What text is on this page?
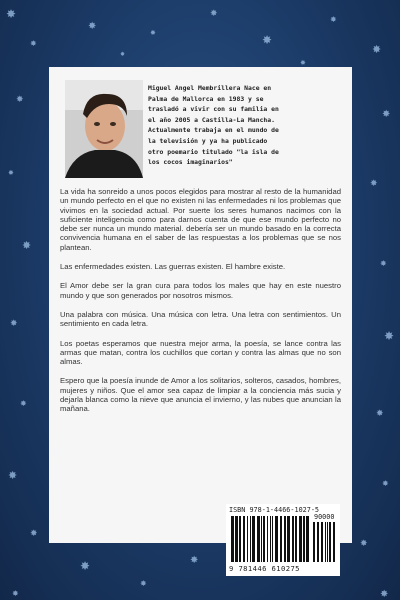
✸
✸
✸
✸
✸
✸
✸
✸
✸
✸
✸
✸
✸
✸
✸
✸
✸
✸
✸
✸
✸
✸
✸
✸
✸
✸	✸
✸
✸
Miguel Angel Membrillera Nace en
Palma de Mallorca en 1983 y se
trasladó a vivir con su familia en
el año 2005 a Castilla-La Mancha.
Actualmente trabaja en el mundo de
la televisión y ya ha publicado
otro poemario titulado "la isla de
los cocos imaginarios"

La vida ha sonreido a unos pocos elegidos para mostrar al resto de la humanidad un mundo perfecto en el que no existen ni las enfermedades ni los problemas que vivimos en la sociedad actual. Por suerte los seres humanos nacimos con la suficiente inteligencia como para darnos cuenta de que ese mundo perfecto no debe ser nunca un mundo material. debería ser un mundo basado en la correcta convivencia humana en el saber de las respuestas a los problemas que se nos plantean.

Las enfermedades existen. Las guerras existen. El hambre existe.

El Amor debe ser la gran cura para todos los males que hay en este nuestro mundo y que son generados por nosotros mismos.

Una palabra con música. Una música con letra. Una letra con sentimientos. Un sentimiento en cada letra.

Los poetas esperamos que nuestra mejor arma, la poesía, se lance contra las armas que matan, contra los cuchillos que cortan y contra las almas que no son almas.

Espero que la poesía inunde de Amor a los solitarios, solteros, casados, hombres, mujeres y niños. Que el amor sea capaz de limpiar a la conciencia más sucia y dejarla blanca como la nieve que anuncia el invierno, y las nubes que anuncian la mañana.

ISBN 978-1-4466-1027-5
90000
9 781446 610275
